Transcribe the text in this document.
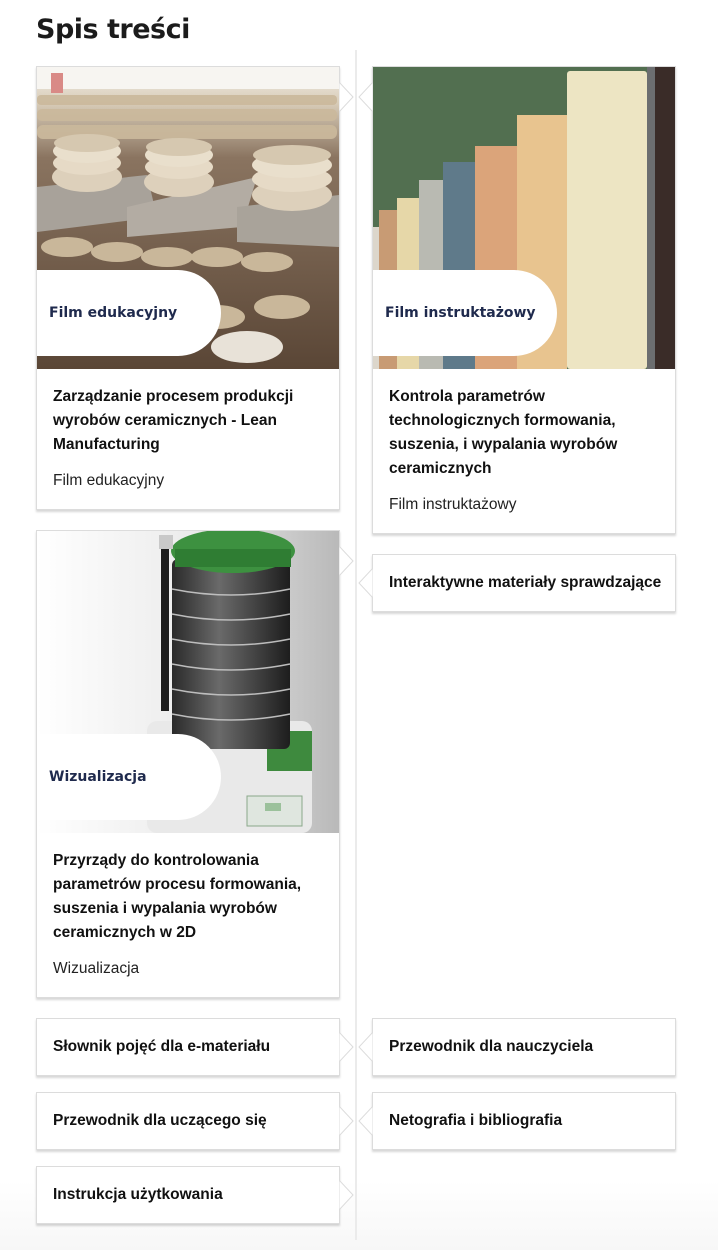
Spis treści
Film edukacyjny
Zarządzanie procesem produkcji wyrobów ceramicznych - Lean Manufacturing
Film edukacyjny
Film instruktażowy
Kontrola parametrów technologicznych formowania, suszenia, i wypalania wyrobów ceramicznych
Film instruktażowy
Wizualizacja
Przyrządy do kontrolowania parametrów procesu formowania, suszenia i wypalania wyrobów ceramicznych w 2D
Wizualizacja
Interaktywne materiały sprawdzające
Słownik pojęć dla e-materiału	Przewodnik dla nauczyciela
Przewodnik dla uczącego się	Netografia i bibliografia
Instrukcja użytkowania
